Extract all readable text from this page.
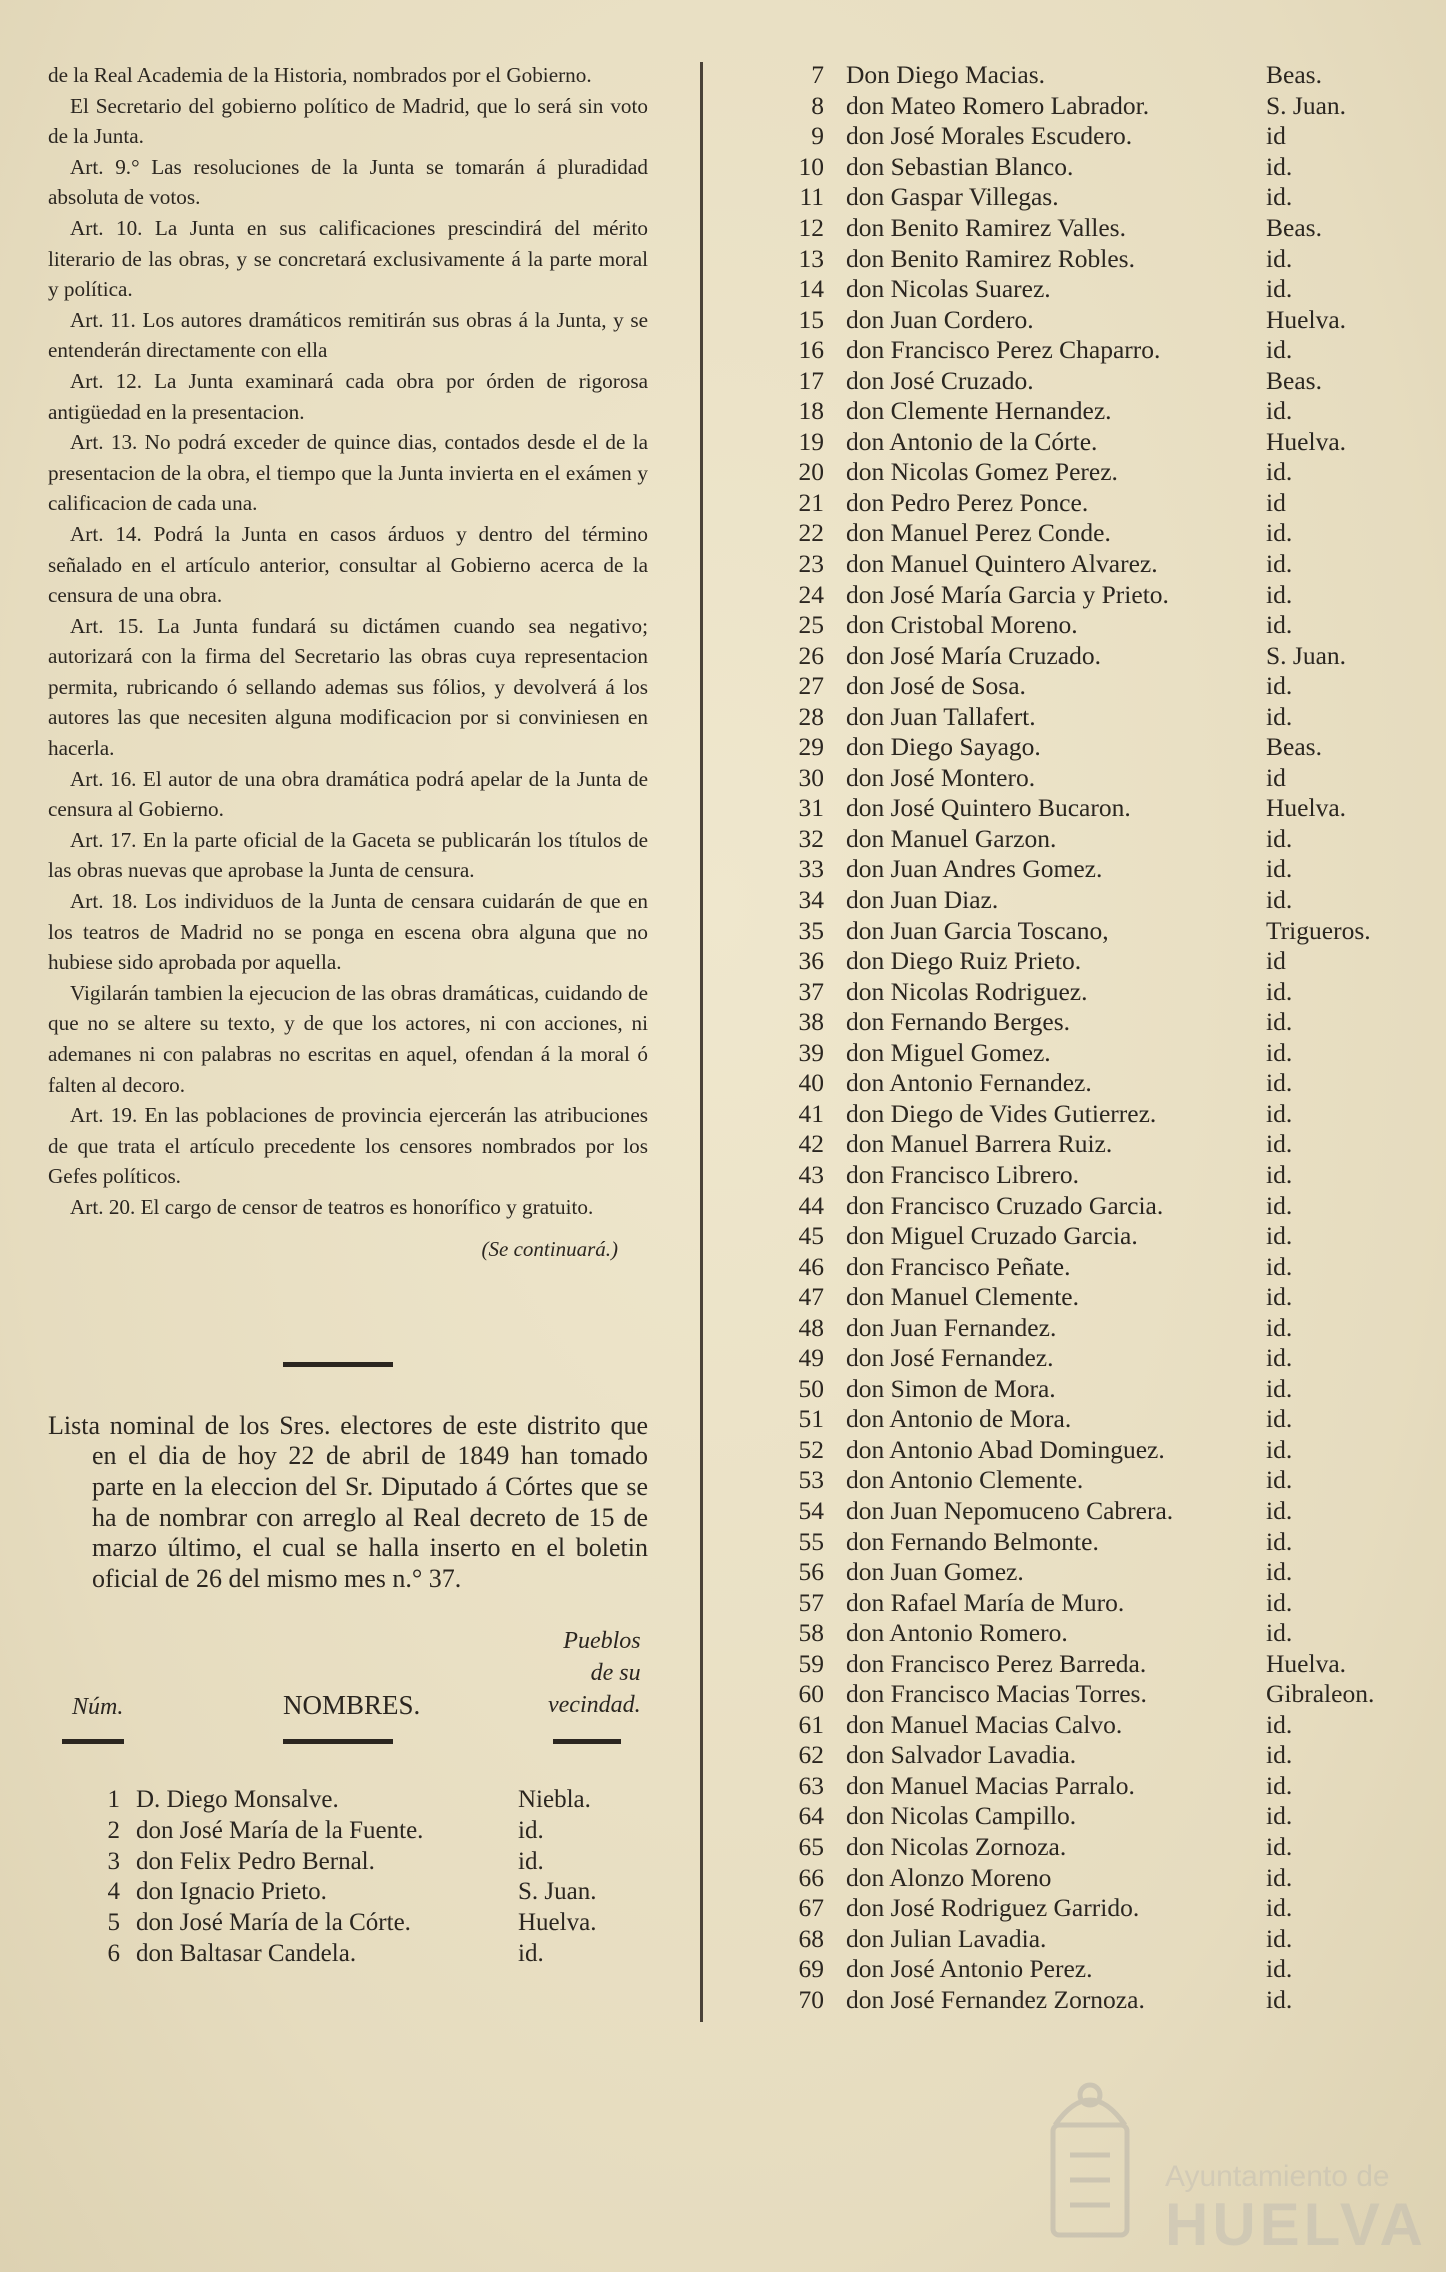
de la Real Academia de la Historia, nombrados por el Gobierno.

El Secretario del gobierno político de Madrid, que lo será sin voto de la Junta.

Art. 9.° Las resoluciones de la Junta se tomarán á pluradidad absoluta de votos.

Art. 10. La Junta en sus calificaciones prescindirá del mérito literario de las obras, y se concretará exclusivamente á la parte moral y política.

Art. 11. Los autores dramáticos remitirán sus obras á la Junta, y se entenderán directamente con ella

Art. 12. La Junta examinará cada obra por órden de rigorosa antigüedad en la presentacion.

Art. 13. No podrá exceder de quince dias, contados desde el de la presentacion de la obra, el tiempo que la Junta invierta en el exámen y calificacion de cada una.

Art. 14. Podrá la Junta en casos árduos y dentro del término señalado en el artículo anterior, consultar al Gobierno acerca de la censura de una obra.

Art. 15. La Junta fundará su dictámen cuando sea negativo; autorizará con la firma del Secretario las obras cuya representacion permita, rubricando ó sellando ademas sus fólios, y devolverá á los autores las que necesiten alguna modificacion por si conviniesen en hacerla.

Art. 16. El autor de una obra dramática podrá apelar de la Junta de censura al Gobierno.

Art. 17. En la parte oficial de la Gaceta se publicarán los títulos de las obras nuevas que aprobase la Junta de censura.

Art. 18. Los individuos de la Junta de censara cuidarán de que en los teatros de Madrid no se ponga en escena obra alguna que no hubiese sido aprobada por aquella.

Vigilarán tambien la ejecucion de las obras dramáticas, cuidando de que no se altere su texto, y de que los actores, ni con acciones, ni ademanes ni con palabras no escritas en aquel, ofendan á la moral ó falten al decoro.

Art. 19. En las poblaciones de provincia ejercerán las atribuciones de que trata el artículo precedente los censores nombrados por los Gefes políticos.

Art. 20. El cargo de censor de teatros es honorífico y gratuito.

(Se continuará.)

Lista nominal de los Sres. electores de este distrito que en el dia de hoy 22 de abril de 1849 han tomado parte en la eleccion del Sr. Diputado á Córtes que se ha de nombrar con arreglo al Real decreto de 15 de marzo último, el cual se halla inserto en el boletin oficial de 26 del mismo mes n.° 37.

Núm.	NOMBRES.
Pueblos
de su
vecindad.
1 D. Diego Monsalve.	Niebla.
2 don José María de la Fuente.	id.
3 don Felix Pedro Bernal.	id.
4 don Ignacio Prieto.	S. Juan.
5 don José María de la Córte.	Huelva.
6 don Baltasar Candela.	id.
7 Don Diego Macias.	Beas.
8 don Mateo Romero Labrador.	S. Juan.
9 don José Morales Escudero.	id
10 don Sebastian Blanco.	id.
11 don Gaspar Villegas.	id.
12 don Benito Ramirez Valles.	Beas.
13 don Benito Ramirez Robles.	id.
14 don Nicolas Suarez.	id.
15 don Juan Cordero.	Huelva.
16 don Francisco Perez Chaparro.	id.
17 don José Cruzado.	Beas.
18 don Clemente Hernandez.	id.
19 don Antonio de la Córte.	Huelva.
20 don Nicolas Gomez Perez.	id.
21 don Pedro Perez Ponce.	id
22 don Manuel Perez Conde.	id.
23 don Manuel Quintero Alvarez.	id.
24 don José María Garcia y Prieto.	id.
25 don Cristobal Moreno.	id.
26 don José María Cruzado.	S. Juan.
27 don José de Sosa.	id.
28 don Juan Tallafert.	id.
29 don Diego Sayago.	Beas.
30 don José Montero.	id
31 don José Quintero Bucaron.	Huelva.
32 don Manuel Garzon.	id.
33 don Juan Andres Gomez.	id.
34 don Juan Diaz.	id.
35 don Juan Garcia Toscano,	Trigueros.
36 don Diego Ruiz Prieto.	id
37 don Nicolas Rodriguez.	id.
38 don Fernando Berges.	id.
39 don Miguel Gomez.	id.
40 don Antonio Fernandez.	id.
41 don Diego de Vides Gutierrez.	id.
42 don Manuel Barrera Ruiz.	id.
43 don Francisco Librero.	id.
44 don Francisco Cruzado Garcia.	id.
45 don Miguel Cruzado Garcia.	id.
46 don Francisco Peñate.	id.
47 don Manuel Clemente.	id.
48 don Juan Fernandez.	id.
49 don José Fernandez.	id.
50 don Simon de Mora.	id.
51 don Antonio de Mora.	id.
52 don Antonio Abad Dominguez.	id.
53 don Antonio Clemente.	id.
54 don Juan Nepomuceno Cabrera.	id.
55 don Fernando Belmonte.	id.
56 don Juan Gomez.	id.
57 don Rafael María de Muro.	id.
58 don Antonio Romero.	id.
59 don Francisco Perez Barreda.	Huelva.
60 don Francisco Macias Torres.	Gibraleon.
61 don Manuel Macias Calvo.	id.
62 don Salvador Lavadia.	id.
63 don Manuel Macias Parralo.	id.
64 don Nicolas Campillo.	id.
65 don Nicolas Zornoza.	id.
66 don Alonzo Moreno	id.
67 don José Rodriguez Garrido.	id.
68 don Julian Lavadia.	id.
69 don José Antonio Perez.	id.
70 don José Fernandez Zornoza.	id.
Ayuntamiento de
HUELVA
